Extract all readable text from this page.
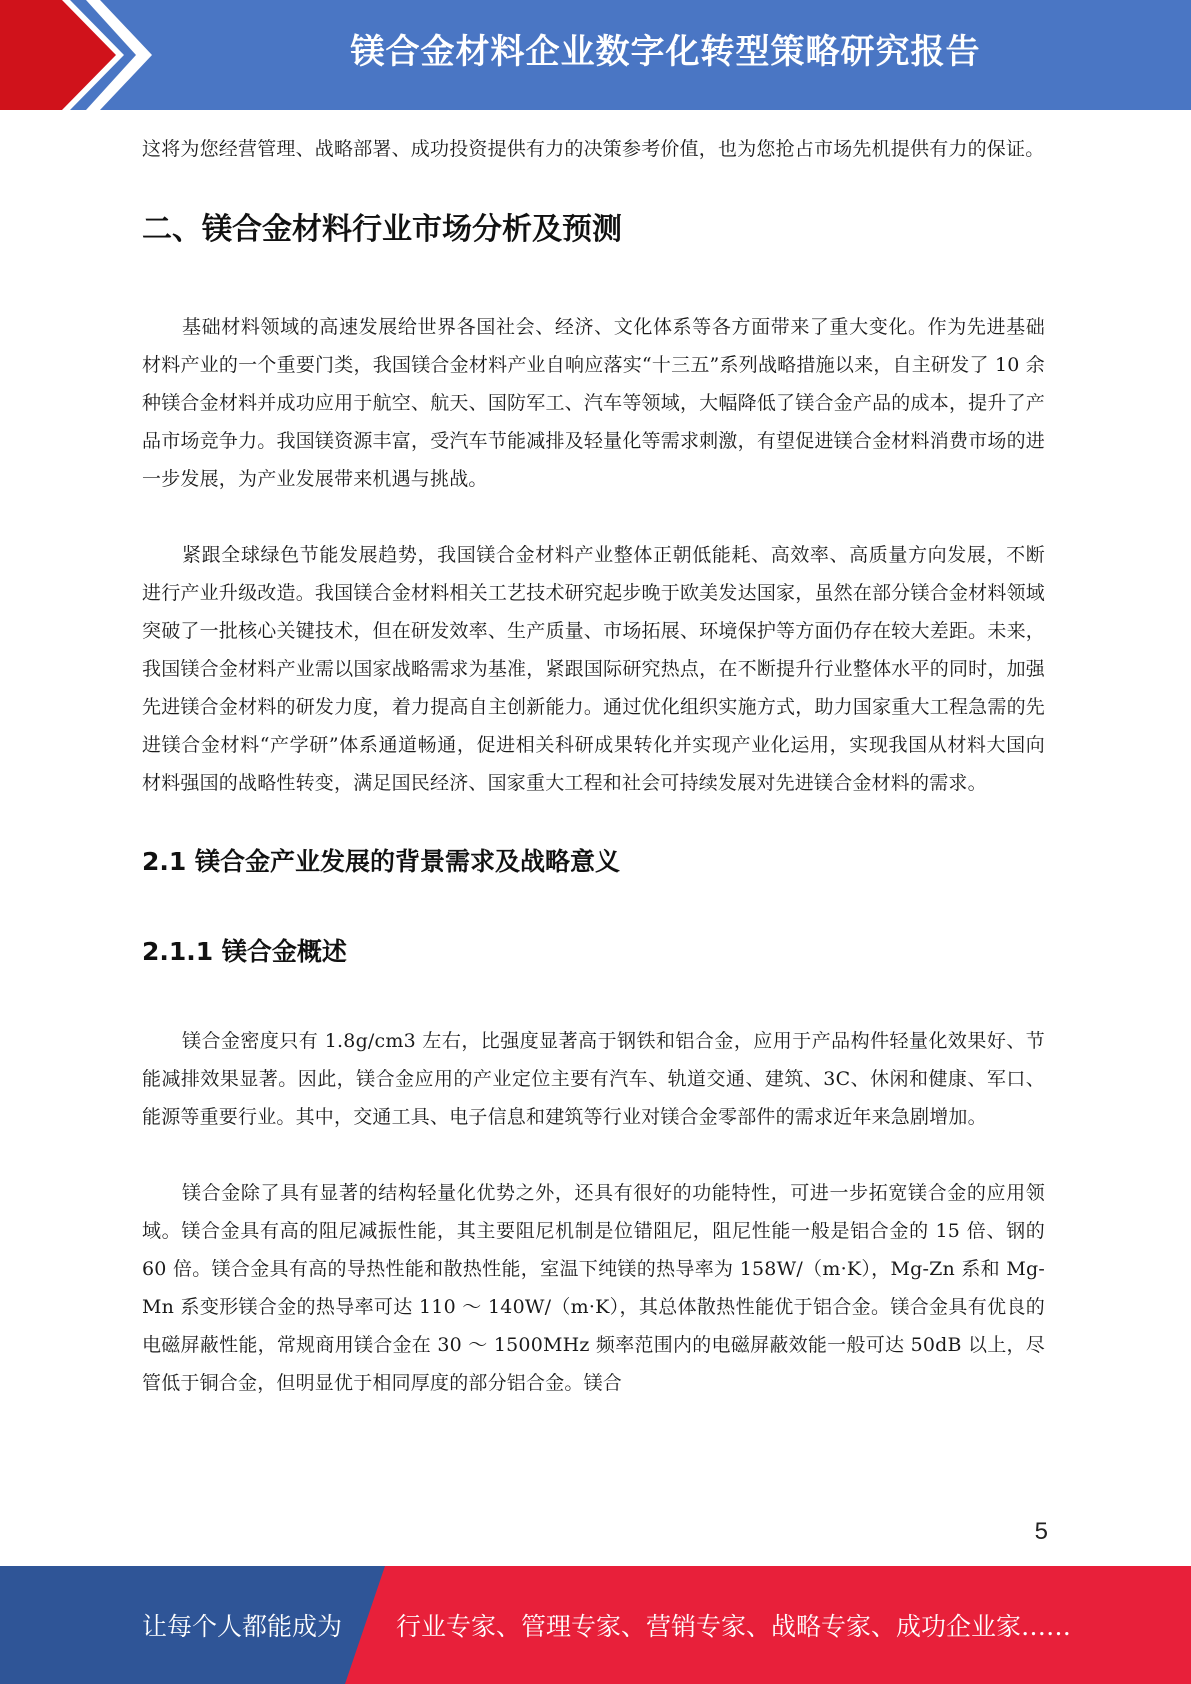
镁合金材料企业数字化转型策略研究报告

这将为您经营管理、战略部署、成功投资提供有力的决策参考价值，也为您抢占市场先机提供有力的保证。

二、镁合金材料行业市场分析及预测

基础材料领域的高速发展给世界各国社会、经济、文化体系等各方面带来了重大变化。作为先进基础材料产业的一个重要门类，我国镁合金材料产业自响应落实“十三五”系列战略措施以来，自主研发了 10 余种镁合金材料并成功应用于航空、航天、国防军工、汽车等领域，大幅降低了镁合金产品的成本，提升了产品市场竞争力。我国镁资源丰富，受汽车节能减排及轻量化等需求刺激，有望促进镁合金材料消费市场的进一步发展，为产业发展带来机遇与挑战。

紧跟全球绿色节能发展趋势，我国镁合金材料产业整体正朝低能耗、高效率、高质量方向发展，不断进行产业升级改造。我国镁合金材料相关工艺技术研究起步晚于欧美发达国家，虽然在部分镁合金材料领域突破了一批核心关键技术，但在研发效率、生产质量、市场拓展、环境保护等方面仍存在较大差距。未来，我国镁合金材料产业需以国家战略需求为基准，紧跟国际研究热点，在不断提升行业整体水平的同时，加强先进镁合金材料的研发力度，着力提高自主创新能力。通过优化组织实施方式，助力国家重大工程急需的先进镁合金材料“产学研”体系通道畅通，促进相关科研成果转化并实现产业化运用，实现我国从材料大国向材料强国的战略性转变，满足国民经济、国家重大工程和社会可持续发展对先进镁合金材料的需求。

2.1 镁合金产业发展的背景需求及战略意义
2.1.1 镁合金概述

镁合金密度只有 1.8g/cm3 左右，比强度显著高于钢铁和铝合金，应用于产品构件轻量化效果好、节能减排效果显著。因此，镁合金应用的产业定位主要有汽车、轨道交通、建筑、3C、休闲和健康、军口、能源等重要行业。其中，交通工具、电子信息和建筑等行业对镁合金零部件的需求近年来急剧增加。

镁合金除了具有显著的结构轻量化优势之外，还具有很好的功能特性，可进一步拓宽镁合金的应用领域。镁合金具有高的阻尼减振性能，其主要阻尼机制是位错阻尼，阻尼性能一般是铝合金的 15 倍、钢的 60 倍。镁合金具有高的导热性能和散热性能，室温下纯镁的热导率为 158W/（m·K），Mg-Zn 系和 Mg-Mn 系变形镁合金的热导率可达 110 ～ 140W/（m·K），其总体散热性能优于铝合金。镁合金具有优良的电磁屏蔽性能，常规商用镁合金在 30 ～ 1500MHz 频率范围内的电磁屏蔽效能一般可达 50dB 以上，尽管低于铜合金，但明显优于相同厚度的部分铝合金。镁合

5
让每个人都能成为 行业专家、管理专家、营销专家、战略专家、成功企业家……
